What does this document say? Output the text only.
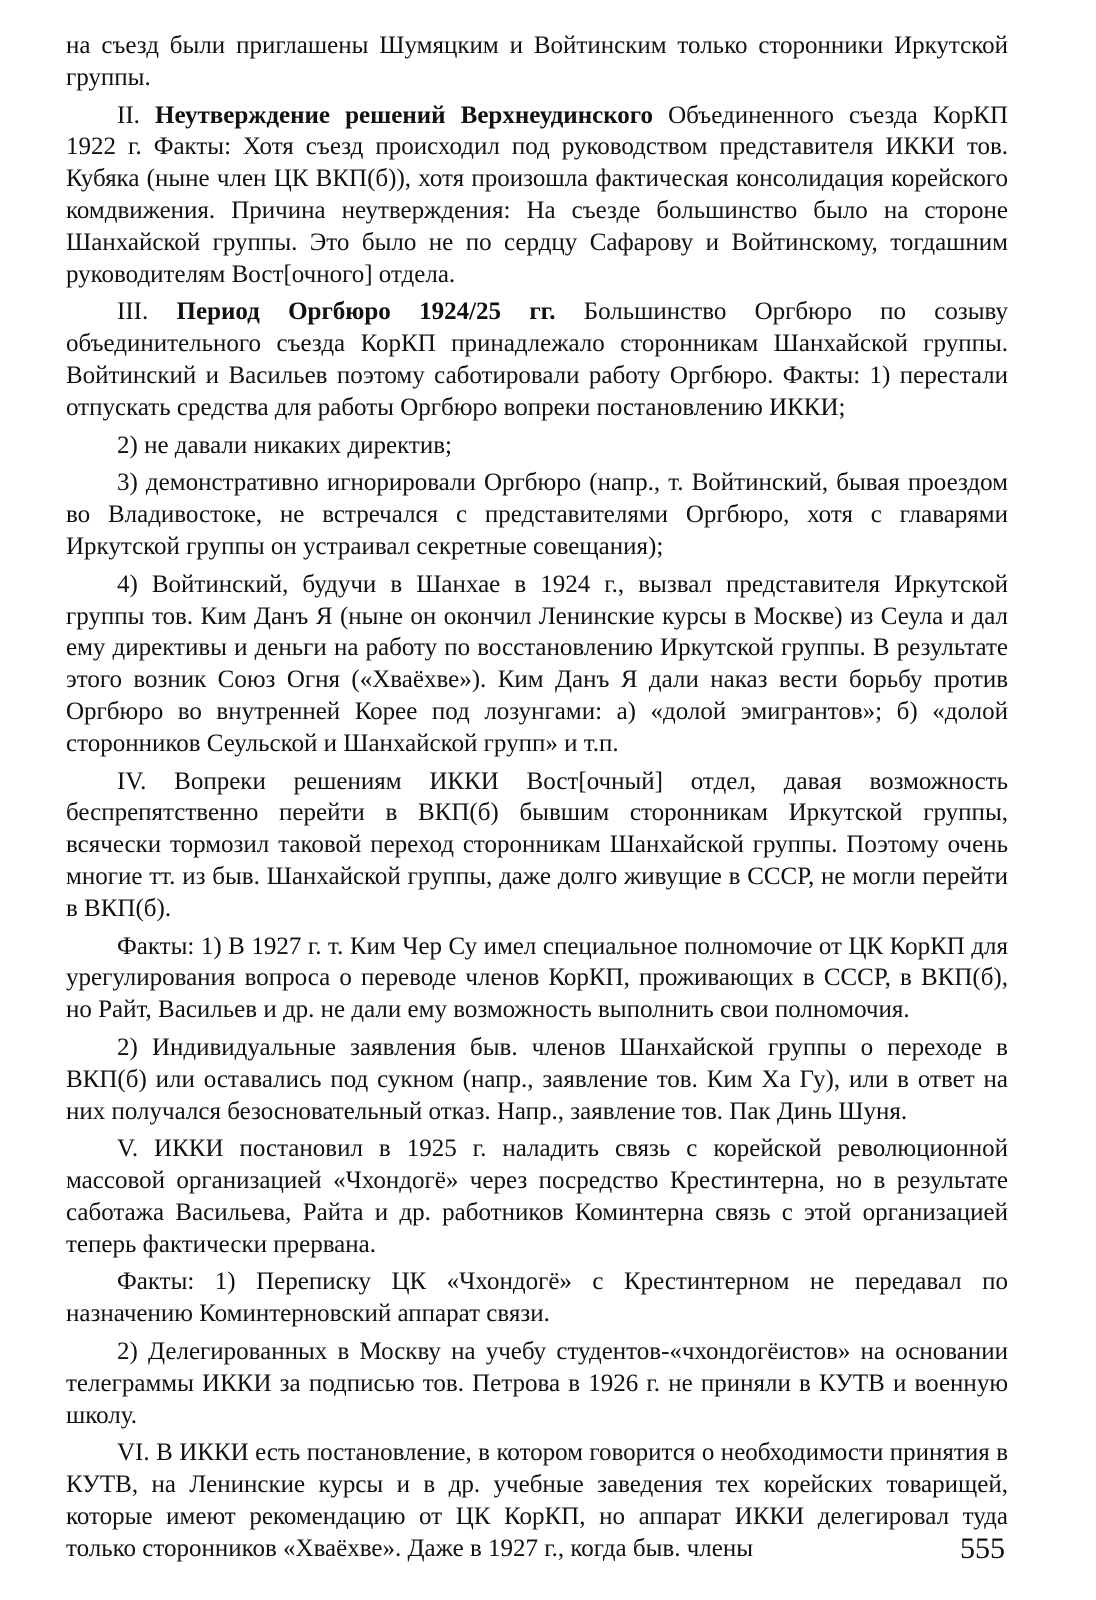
на съезд были приглашены Шумяцким и Войтинским только сторонники Иркутской группы.

II. Неутверждение решений Верхнеудинского Объединенного съезда КорКП 1922 г. Факты: Хотя съезд происходил под руководством представителя ИККИ тов. Кубяка (ныне член ЦК ВКП(б)), хотя произошла фактическая консолидация корейского комдвижения. Причина неутверждения: На съезде большинство было на стороне Шанхайской группы. Это было не по сердцу Сафарову и Войтинскому, тогдашним руководителям Вост[очного] отдела.

III. Период Оргбюро 1924/25 гг. Большинство Оргбюро по созыву объединительного съезда КорКП принадлежало сторонникам Шанхайской группы. Войтинский и Васильев поэтому саботировали работу Оргбюро. Факты: 1) перестали отпускать средства для работы Оргбюро вопреки постановлению ИККИ;

2) не давали никаких директив;

3) демонстративно игнорировали Оргбюро (напр., т. Войтинский, бывая проездом во Владивостоке, не встречался с представителями Оргбюро, хотя с главарями Иркутской группы он устраивал секретные совещания);

4) Войтинский, будучи в Шанхае в 1924 г., вызвал представителя Иркутской группы тов. Ким Данъ Я (ныне он окончил Ленинские курсы в Москве) из Сеула и дал ему директивы и деньги на работу по восстановлению Иркутской группы. В результате этого возник Союз Огня («Хваёхве»). Ким Данъ Я дали наказ вести борьбу против Оргбюро во внутренней Корее под лозунгами: а) «долой эмигрантов»; б) «долой сторонников Сеульской и Шанхайской групп» и т.п.

IV. Вопреки решениям ИККИ Вост[очный] отдел, давая возможность беспрепятственно перейти в ВКП(б) бывшим сторонникам Иркутской группы, всячески тормозил таковой переход сторонникам Шанхайской группы. Поэтому очень многие тт. из быв. Шанхайской группы, даже долго живущие в СССР, не могли перейти в ВКП(б).

Факты: 1) В 1927 г. т. Ким Чер Су имел специальное полномочие от ЦК КорКП для урегулирования вопроса о переводе членов КорКП, проживающих в СССР, в ВКП(б), но Райт, Васильев и др. не дали ему возможность выполнить свои полномочия.

2) Индивидуальные заявления быв. членов Шанхайской группы о переходе в ВКП(б) или оставались под сукном (напр., заявление тов. Ким Ха Гу), или в ответ на них получался безосновательный отказ. Напр., заявление тов. Пак Динь Шуня.

V. ИККИ постановил в 1925 г. наладить связь с корейской революционной массовой организацией «Чхондогё» через посредство Крестинтерна, но в результате саботажа Васильева, Райта и др. работников Коминтерна связь с этой организацией теперь фактически прервана.

Факты: 1) Переписку ЦК «Чхондогё» с Крестинтерном не передавал по назначению Коминтерновский аппарат связи.

2) Делегированных в Москву на учебу студентов-«чхондогёистов» на основании телеграммы ИККИ за подписью тов. Петрова в 1926 г. не приняли в КУТВ и военную школу.

VI. В ИККИ есть постановление, в котором говорится о необходимости принятия в КУТВ, на Ленинские курсы и в др. учебные заведения тех корейских товарищей, которые имеют рекомендацию от ЦК КорКП, но аппарат ИККИ делегировал туда только сторонников «Хваёхве». Даже в 1927 г., когда быв. члены	555
